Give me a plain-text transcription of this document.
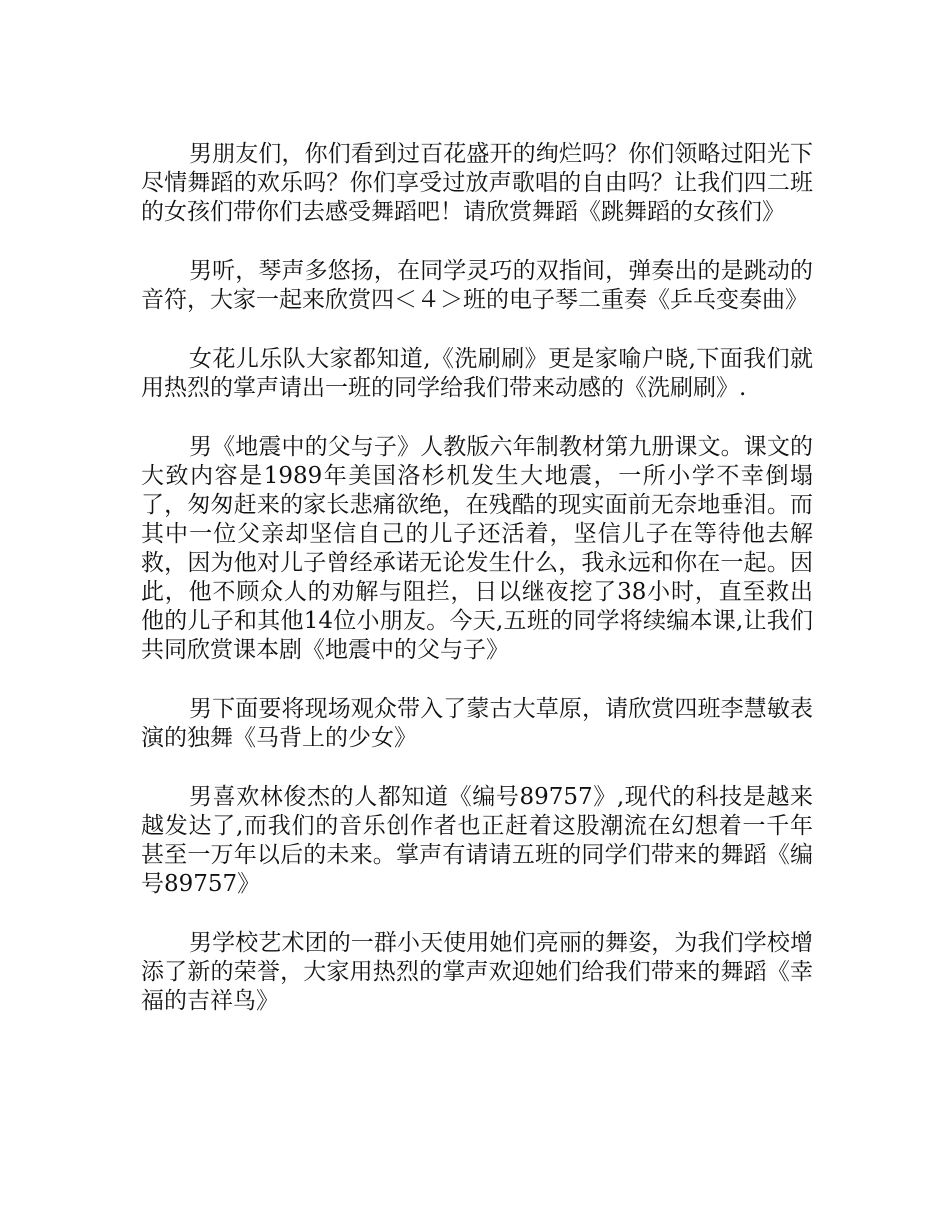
男朋友们，你们看到过百花盛开的绚烂吗？你们领略过阳光下尽情舞蹈的欢乐吗？你们享受过放声歌唱的自由吗？让我们四二班的女孩们带你们去感受舞蹈吧！请欣赏舞蹈《跳舞蹈的女孩们》

男听，琴声多悠扬，在同学灵巧的双指间，弹奏出的是跳动的音符，大家一起来欣赏四＜４＞班的电子琴二重奏《乒乓变奏曲》

女花儿乐队大家都知道,《洗刷刷》更是家喻户晓,下面我们就用热烈的掌声请出一班的同学给我们带来动感的《洗刷刷》.

男《地震中的父与子》人教版六年制教材第九册课文。课文的大致内容是1989年美国洛杉机发生大地震，一所小学不幸倒塌了，匆匆赶来的家长悲痛欲绝，在残酷的现实面前无奈地垂泪。而其中一位父亲却坚信自己的儿子还活着，坚信儿子在等待他去解救，因为他对儿子曾经承诺无论发生什么，我永远和你在一起。因此，他不顾众人的劝解与阻拦，日以继夜挖了38小时，直至救出他的儿子和其他14位小朋友。今天,五班的同学将续编本课,让我们共同欣赏课本剧《地震中的父与子》

男下面要将现场观众带入了蒙古大草原，请欣赏四班李慧敏表演的独舞《马背上的少女》

男喜欢林俊杰的人都知道《编号89757》,现代的科技是越来越发达了,而我们的音乐创作者也正赶着这股潮流在幻想着一千年甚至一万年以后的未来。掌声有请请五班的同学们带来的舞蹈《编号89757》

男学校艺术团的一群小天使用她们亮丽的舞姿，为我们学校增添了新的荣誉，大家用热烈的掌声欢迎她们给我们带来的舞蹈《幸福的吉祥鸟》
